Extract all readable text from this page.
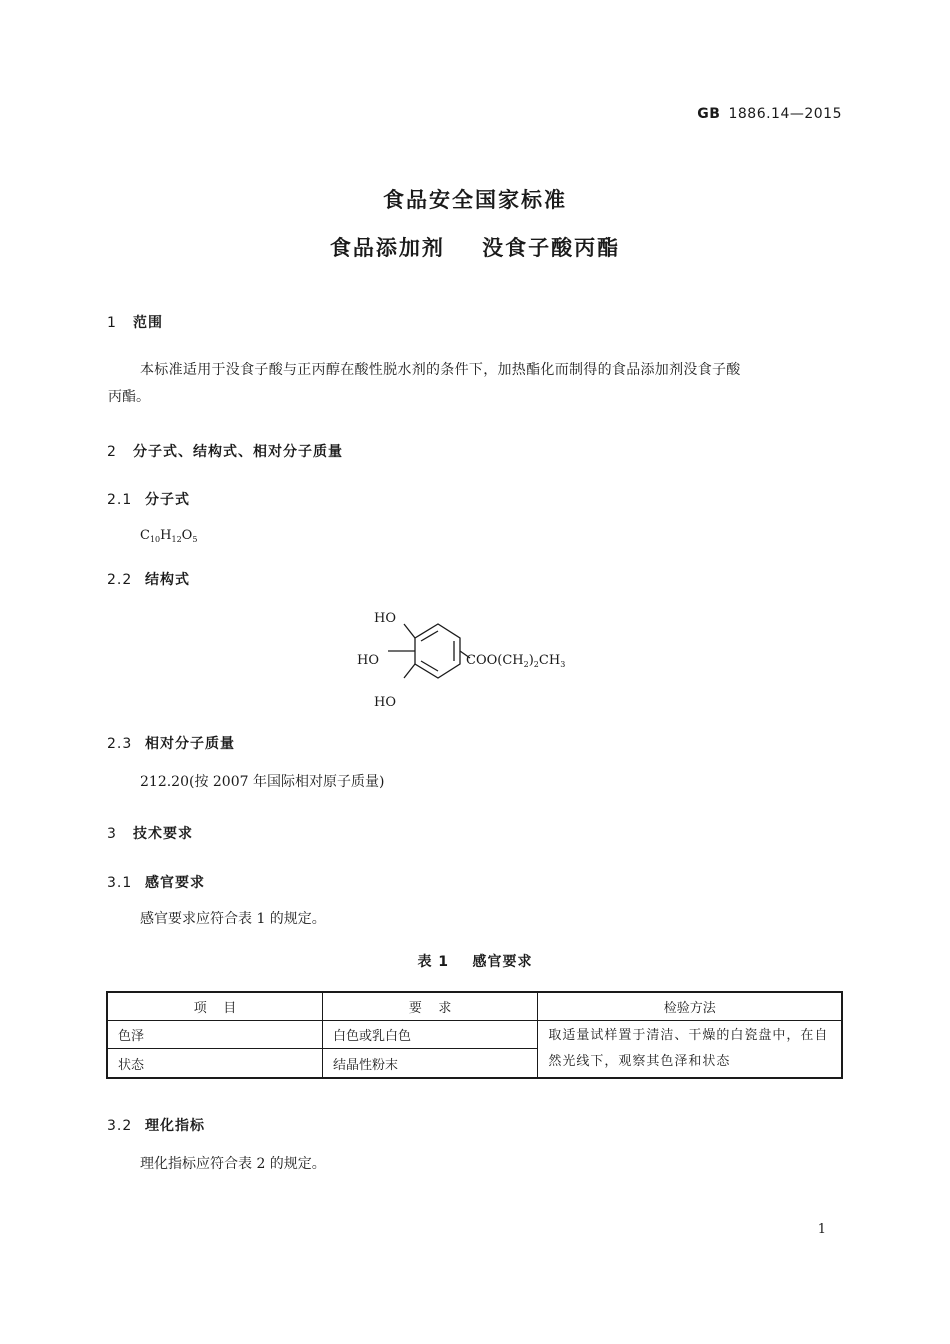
GB 1886.14—2015
食品安全国家标准
食品添加剂    没食子酸丙酯
1 范围
本标准适用于没食子酸与正丙醇在酸性脱水剂的条件下，加热酯化而制得的食品添加剂没食子酸
丙酯。
2 分子式、结构式、相对分子质量
2.1 分子式
$C_{10}H_{12}O_5$
2.2 结构式
HO
HO
HO
$COO(CH_2)_2CH_3$
2.3 相对分子质量
212.20(按 2007 年国际相对原子质量)
3 技术要求
3.1 感官要求
感官要求应符合表 1 的规定。
表 1    感官要求
项    目	要    求	检验方法
色泽	白色或乳白色	取适量试样置于清洁、干燥的白瓷盘中，在自然光线下，观察其色泽和状态
状态	结晶性粉末	
3.2 理化指标
理化指标应符合表 2 的规定。
1
